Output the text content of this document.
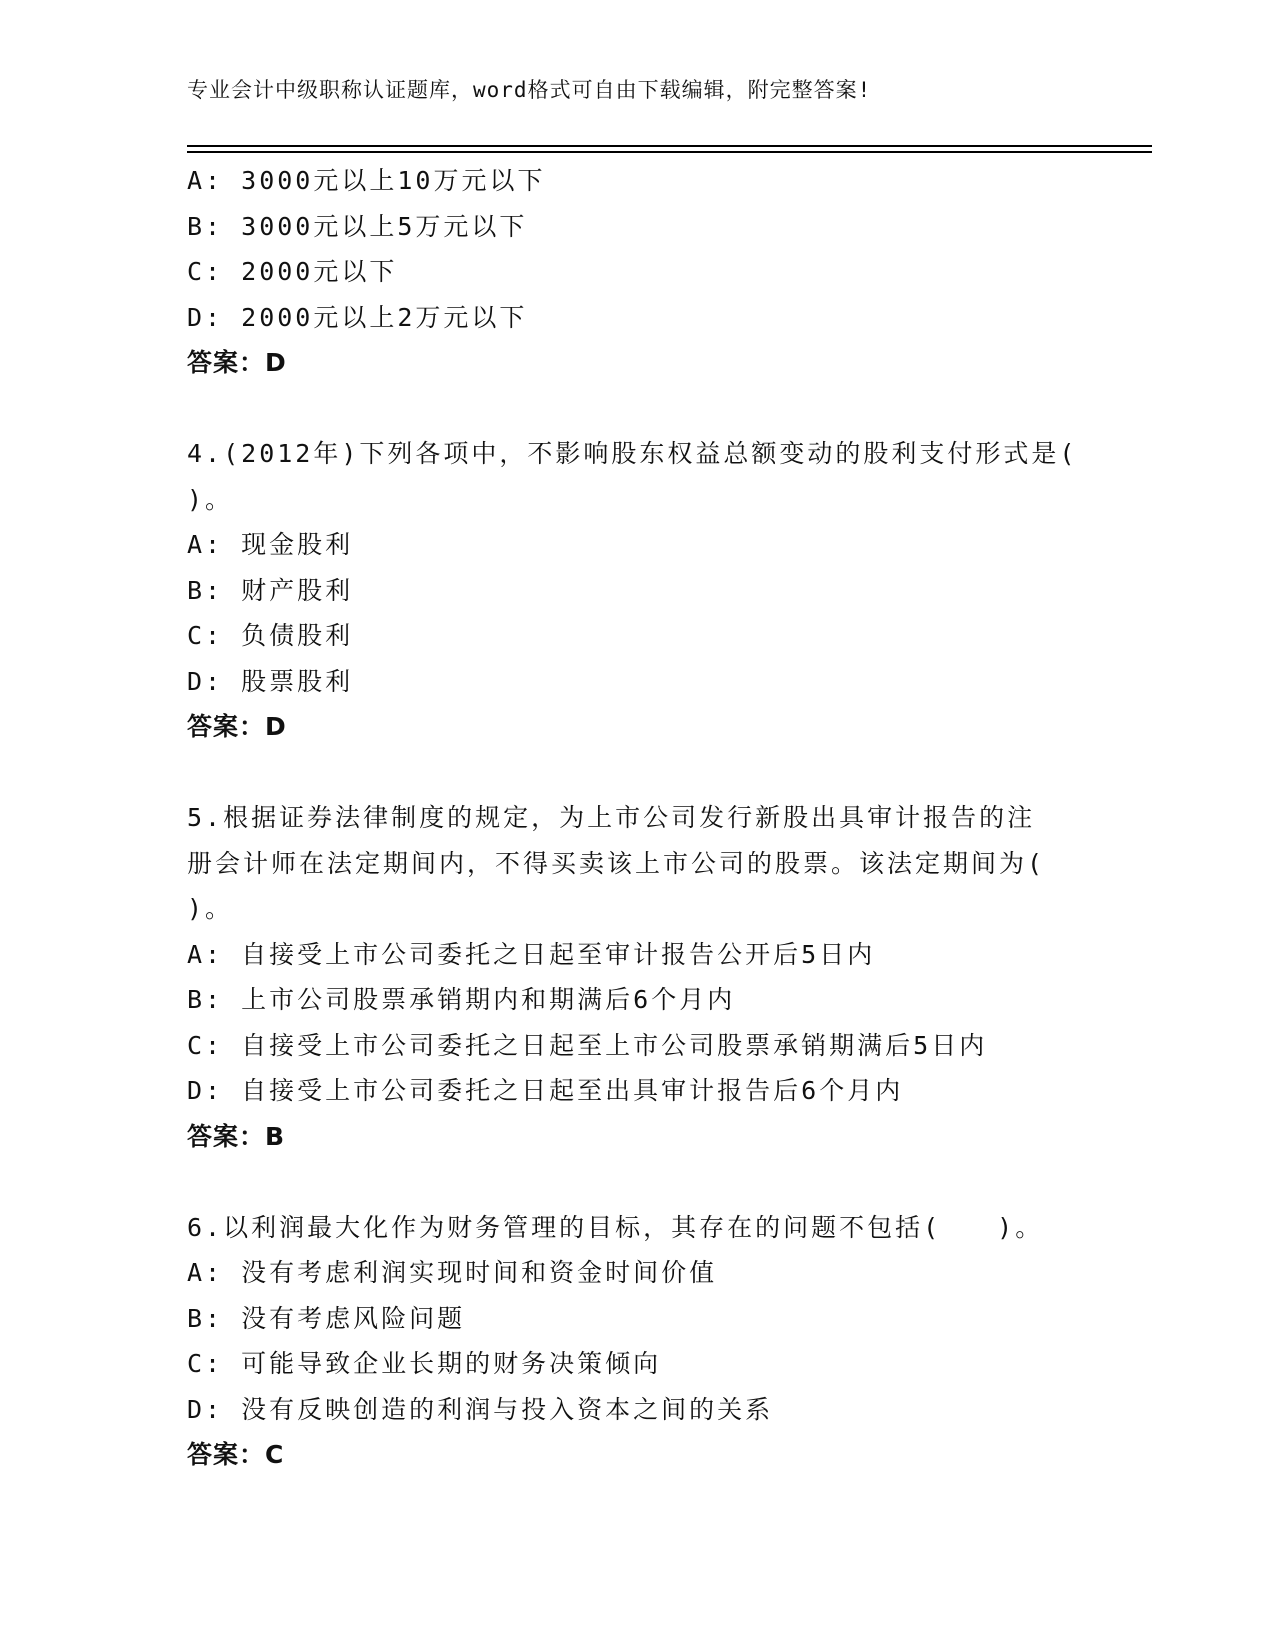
专业会计中级职称认证题库，word格式可自由下载编辑，附完整答案!
A: 3000元以上10万元以下
B: 3000元以上5万元以下
C: 2000元以下
D: 2000元以上2万元以下
答案：D
4.(2012年)下列各项中，不影响股东权益总额变动的股利支付形式是(
)。
A: 现金股利
B: 财产股利
C: 负债股利
D: 股票股利
答案：D
5.根据证券法律制度的规定，为上市公司发行新股出具审计报告的注
册会计师在法定期间内，不得买卖该上市公司的股票。该法定期间为(
)。
A: 自接受上市公司委托之日起至审计报告公开后5日内
B: 上市公司股票承销期内和期满后6个月内
C: 自接受上市公司委托之日起至上市公司股票承销期满后5日内
D: 自接受上市公司委托之日起至出具审计报告后6个月内
答案：B
6.以利润最大化作为财务管理的目标，其存在的问题不包括(　　)。
A: 没有考虑利润实现时间和资金时间价值
B: 没有考虑风险问题
C: 可能导致企业长期的财务决策倾向
D: 没有反映创造的利润与投入资本之间的关系
答案：C
